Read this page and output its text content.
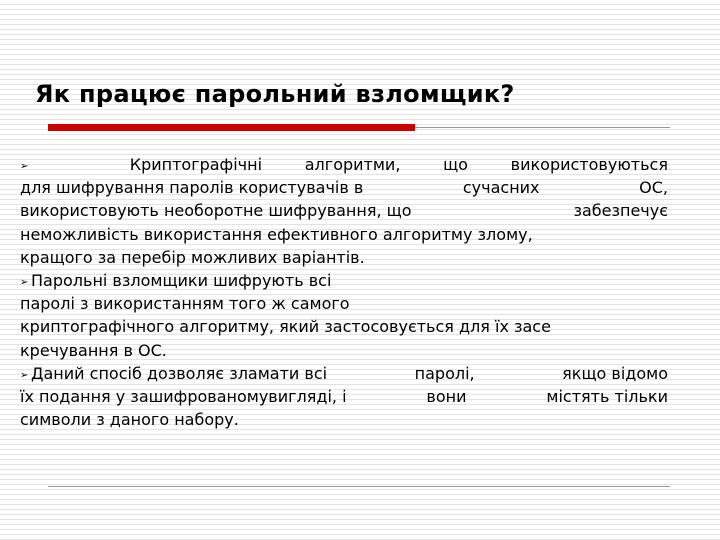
Як працює парольний взломщик?
➢	Криптографічні	алгоритми,	що	використовуються
для шифрування паролів користувачів в	сучасних	ОС,
використовують необоротне шифрування, що	забезпечує
неможливість використання ефективного алгоритму злому,
кращого за перебір можливих варіантів.
➢ Парольні взломщики шифрують всі
паролі з використанням того ж самого
криптографічного алгоритму, який застосовується для їх засе
кречування в ОС.
➢ Даний спосіб дозволяє зламати всі	паролі,	якщо відомо
їх подання у зашифрованомувигляді, і	вони	містять тільки
символи з даного набору.
